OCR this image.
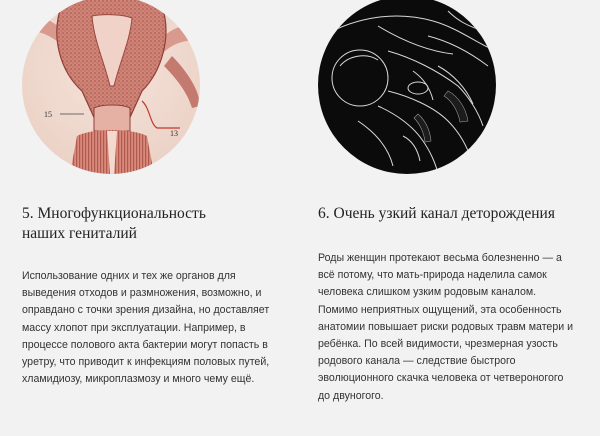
15
13
5. Многофункциональность
наших гениталий

Использование одних и тех же органов для выведения отходов и размножения, возможно, и оправдано с точки зрения дизайна, но доставляет массу хлопот при эксплуатации. Например, в процессе полового акта бактерии могут попасть в уретру, что приводит к инфекциям половых путей, хламидиозу, микроплазмозу и много чему ещё.

6. Очень узкий канал деторождения

Роды женщин протекают весьма болезненно — а всё потому, что мать-природа наделила самок человека слишком узким родовым каналом. Помимо неприятных ощущений, эта особенность анатомии повышает риски родовых травм матери и ребёнка. По всей видимости, чрезмерная узость родового канала — следствие быстрого эволюционного скачка человека от четвероногого до двуногого.
